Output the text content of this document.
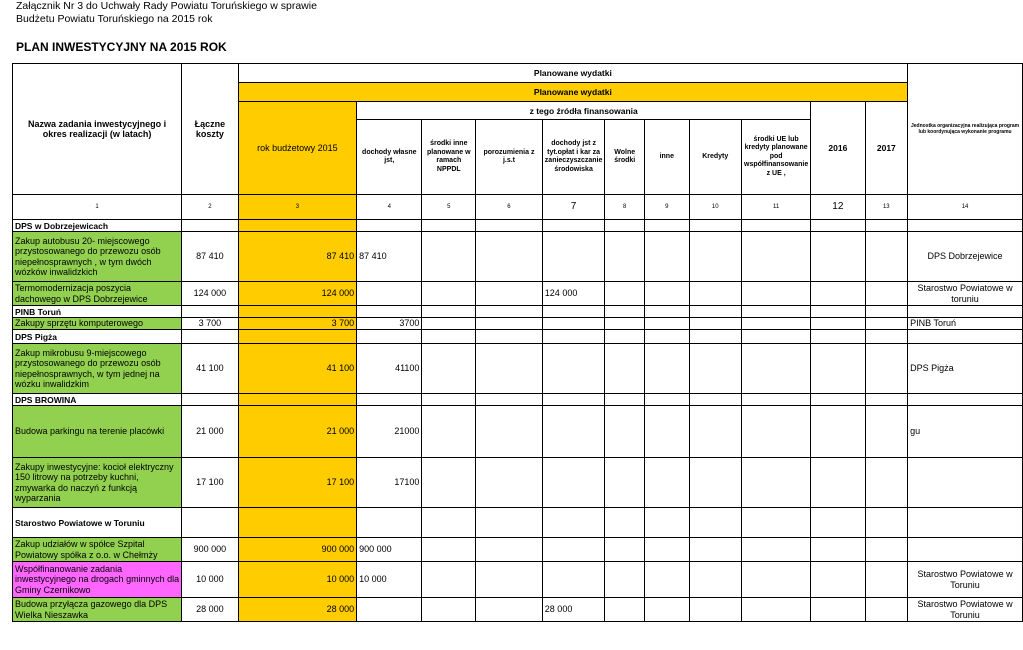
Załącznik Nr 3 do Uchwały Rady Powiatu Toruńskiego w sprawie
Budżetu Powiatu Toruńskiego na 2015 rok
PLAN INWESTYCYJNY NA 2015 ROK
Nazwa zadania inwestycyjnego i okres realizacji (w latach)	Łączne koszty	Planowane wydatki											Jednostka organizacyjna realizująca program lub koordynująca wykonanie programu
		Planowane wydatki											
		rok budżetowy 2015	z tego źródła finansowania								2016	2017	
			dochody własne jst,	środki inne planowane w ramach NPPDL	porozumienia z j.s.t	dochody jst z tyt.opłat i kar za zanieczyszczanie środowiska	Wolne środki	inne	Kredyty	środki UE lub kredyty planowane pod współfinansowanie z UE ,			
1	2	3	4	5	6	7	8	9	10	11	12	13	14
DPS w Dobrzejewicach													
Zakup autobusu 20- miejscowego przystosowanego do przewozu osób niepełnosprawnych , w tym dwóch wózków inwalidzkich	87 410	87 410	87 410										DPS Dobrzejewice
Termomodernizacja poszycia dachowego w DPS Dobrzejewice	124 000	124 000				124 000							Starostwo Powiatowe w toruniu
PINB Toruń													
Zakupy sprzętu komputerowego	3 700	3 700	3700										PINB Toruń
DPS Pigża													
Zakup mikrobusu 9-miejscowego przystosowanego do przewozu osób niepełnosprawnych, w tym jednej na wózku inwalidzkim	41 100	41 100	41100										DPS Pigża
DPS BROWINA													
Budowa parkingu na terenie placówki	21 000	21 000	21000										gu
Zakupy inwestycyjne: kocioł elektryczny 150 litrowy na potrzeby kuchni, zmywarka do naczyń z funkcją wyparzania	17 100	17 100	17100										
Starostwo Powiatowe w Toruniu													
Zakup udziałów w spółce Szpital Powiatowy spółka z o.o. w Chełmży	900 000	900 000	900 000										
Współfinanowanie zadania inwestycyjnego na drogach gminnych dla Gminy Czernikowo	10 000	10 000	10 000										Starostwo Powiatowe w Toruniu
Budowa przyłącza gazowego dla DPS Wielka Nieszawka	28 000	28 000				28 000							Starostwo Powiatowe w Toruniu
